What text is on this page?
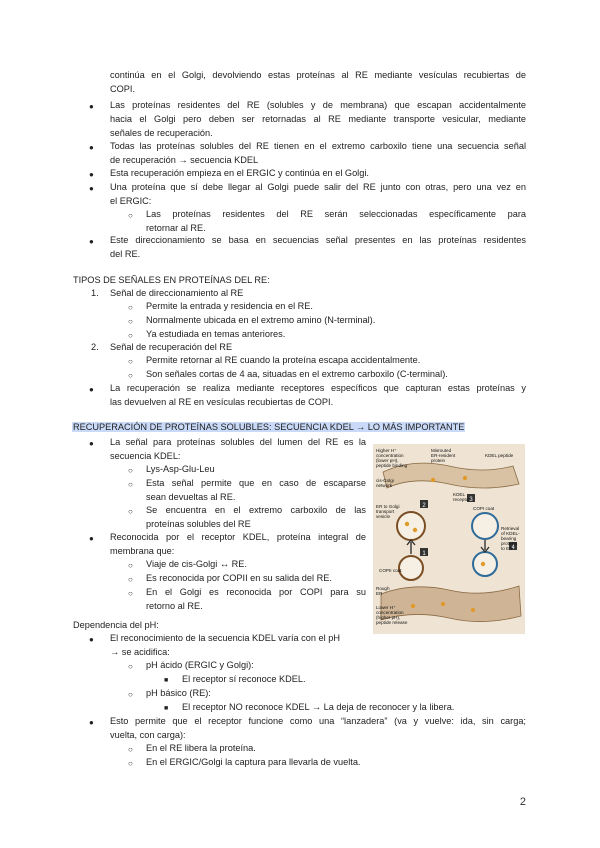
continúa en el Golgi, devolviendo estas proteínas al RE mediante vesículas recubiertas de
COPI.
● Las proteínas residentes del RE (solubles y de membrana) que escapan accidentalmente
hacia el Golgi pero deben ser retornadas al RE mediante transporte vesicular, mediante
señales de recuperación.
● Todas las proteínas solubles del RE tienen en el extremo carboxilo tiene una secuencia señal
de recuperación → secuencia KDEL
● Esta recuperación empieza en el ERGIC y continúa en el Golgi.
● Una proteína que sí debe llegar al Golgi puede salir del RE junto con otras, pero una vez en
el ERGIC:
○ Las proteínas residentes del RE serán seleccionadas específicamente para
retornar al RE.
● Este direccionamiento se basa en secuencias señal presentes en las proteínas residentes
del RE.
TIPOS DE SEÑALES EN PROTEÍNAS DEL RE:
1. Señal de direccionamiento al RE
○ Permite la entrada y residencia en el RE.
○ Normalmente ubicada en el extremo amino (N-terminal).
○ Ya estudiada en temas anteriores.
2. Señal de recuperación del RE
○ Permite retornar al RE cuando la proteína escapa accidentalmente.
○ Son señales cortas de 4 aa, situadas en el extremo carboxilo (C-terminal).
● La recuperación se realiza mediante receptores específicos que capturan estas proteínas y
las devuelven al RE en vesículas recubiertas de COPI.
RECUPERACIÓN DE PROTEÍNAS SOLUBLES: SECUENCIA KDEL → LO MÁS IMPORTANTE
● La señal para proteínas solubles del lumen del RE es la
secuencia KDEL:
○ Lys-Asp-Glu-Leu
○ Esta señal permite que en caso de escaparse
sean devueltas al RE.
○ Se encuentra en el extremo carboxilo de las
proteínas solubles del RE
● Reconocida por el receptor KDEL, proteína integral de
membrana que:
○ Viaje de cis-Golgi ↔ RE.
○ Es reconocida por COPII en su salida del RE.
○ En el Golgi es reconocida por COPI para su
retorno al RE.
1
2
3
4
Higher H⁺
concentration
(lower pH),
peptide binding
cis-Golgi
network
Misrouted
ER-resident
protein
KDEL peptide
KDEL
receptor
ER to Golgi
transport
vesicle
COPI coat
Retrieval
of KDEL-
bearing
proteins
to ER
COPII coat
Rough
ER
Lower H⁺
concentration
(higher pH),
peptide release
Dependencia del pH:
● El reconocimiento de la secuencia KDEL varía con el pH
→ se acidifica:
○ pH ácido (ERGIC y Golgi):
■ El receptor sí reconoce KDEL.
○ pH básico (RE):
■ El receptor NO reconoce KDEL → La deja de reconocer y la libera.
● Esto permite que el receptor funcione como una “lanzadera” (va y vuelve: ida, sin carga;
vuelta, con carga):
○ En el RE libera la proteína.
○ En el ERGIC/Golgi la captura para llevarla de vuelta.
2
